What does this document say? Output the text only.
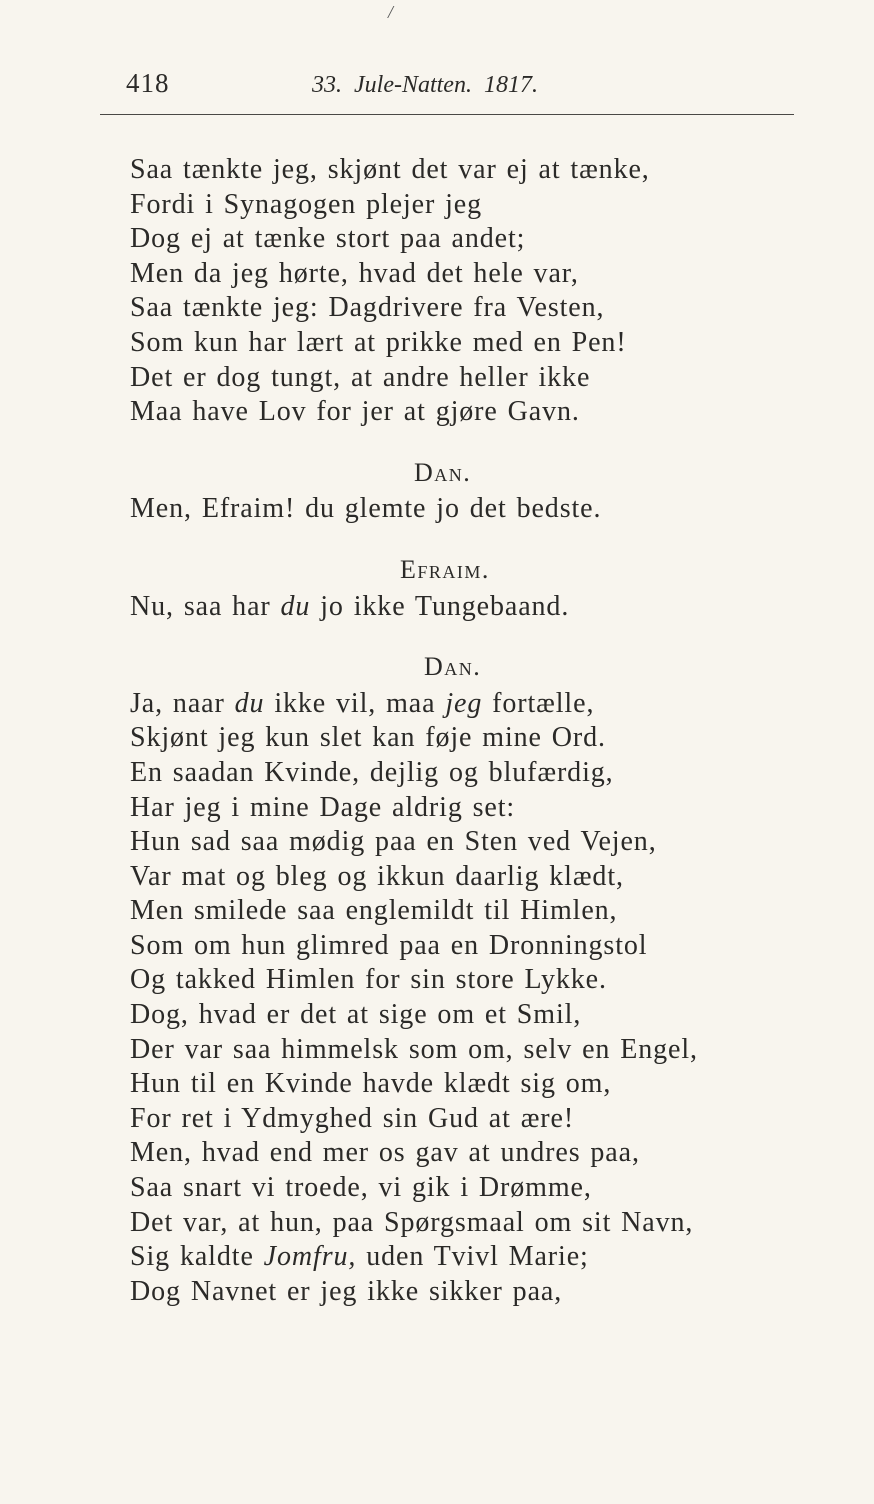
/
418	33. Jule-Natten. 1817.
Saa tænkte jeg, skjønt det var ej at tænke,
Fordi i Synagogen plejer jeg
Dog ej at tænke stort paa andet;
Men da jeg hørte, hvad det hele var,
Saa tænkte jeg: Dagdrivere fra Vesten,
Som kun har lært at prikke med en Pen!
Det er dog tungt, at andre heller ikke
Maa have Lov for jer at gjøre Gavn.
Dan.
Men, Efraim! du glemte jo det bedste.
Efraim.
Nu, saa har du jo ikke Tungebaand.
Dan.
Ja, naar du ikke vil, maa jeg fortælle,
Skjønt jeg kun slet kan føje mine Ord.
En saadan Kvinde, dejlig og blufærdig,
Har jeg i mine Dage aldrig set:
Hun sad saa mødig paa en Sten ved Vejen,
Var mat og bleg og ikkun daarlig klædt,
Men smilede saa englemildt til Himlen,
Som om hun glimred paa en Dronningstol
Og takked Himlen for sin store Lykke.
Dog, hvad er det at sige om et Smil,
Der var saa himmelsk som om, selv en Engel,
Hun til en Kvinde havde klædt sig om,
For ret i Ydmyghed sin Gud at ære!
Men, hvad end mer os gav at undres paa,
Saa snart vi troede, vi gik i Drømme,
Det var, at hun, paa Spørgsmaal om sit Navn,
Sig kaldte Jomfru, uden Tvivl Marie;
Dog Navnet er jeg ikke sikker paa,
